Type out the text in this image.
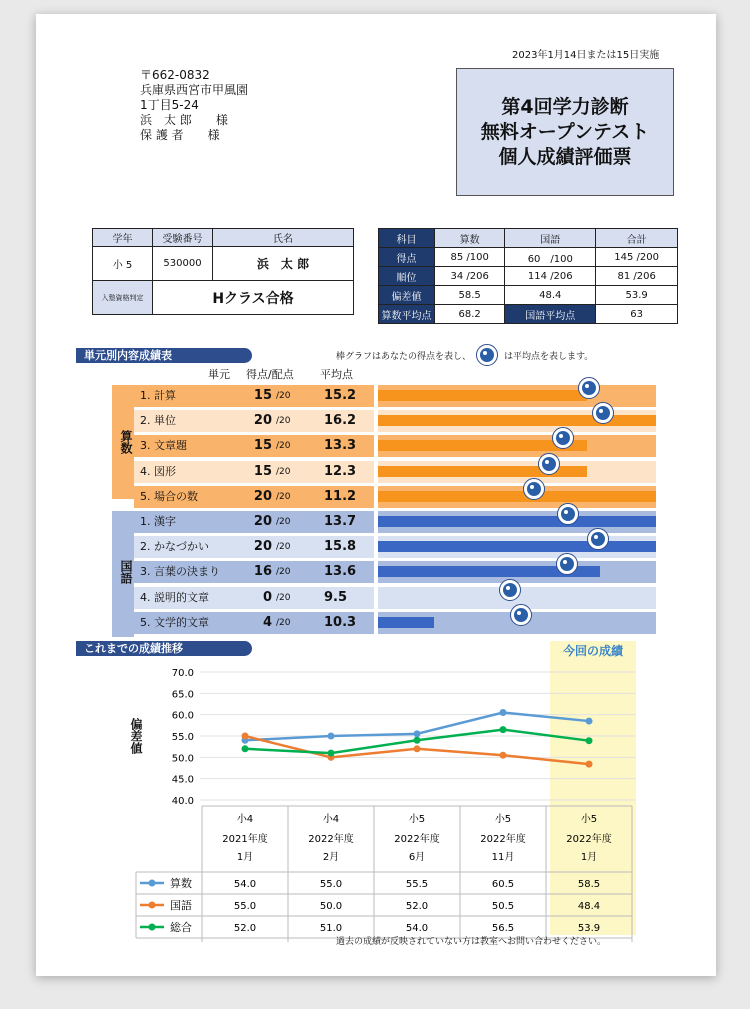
2023年1月14日または15日実施
〒662-0832
兵庫県西宮市甲風園
1丁目5-24
浜　太 郎　　様
保 護 者　　様
第4回学力診断
無料オープンテスト
個人成績評価票
学年	受験番号	氏名
小 5	530000	浜　太 郎
入塾資格判定	Hクラス合格	
科目	算数	国語	合計
得点	85 /100	60　/100	145 /200
順位	34 /206	114 /206	81 /206
偏差値	58.5	48.4	53.9
算数平均点	68.2	国語平均点	63
単元別内容成績表	棒グラフはあなたの得点を表し、	は平均点を表します。
単元 得点/配点 平均点
算数
国語
1. 計算	15 /20	15.2
2. 単位	20 /20	16.2
3. 文章題	15 /20	13.3
4. 図形	15 /20	12.3
5. 場合の数	20 /20	11.2
1. 漢字	20 /20	13.7
2. かなづかい	20 /20	15.8
3. 言葉の決まり	16 /20	13.6
4. 説明的文章	0 /20	9.5
5. 文学的文章	4 /20	10.3
これまでの成績推移	今回の成績
偏差値
40.0
45.0
50.0
55.0
60.0
65.0
70.0
小4
2021年度
1月
小4
2022年度
2月
小5
2022年度
6月
小5
2022年度
11月
小5
2022年度
1月
算数	54.0	55.0	55.5	60.5	58.5
国語	55.0	50.0	52.0	50.5	48.4
総合	52.0	51.0	54.0	56.5	53.9
過去の成績が反映されていない方は教室へお問い合わせください。
